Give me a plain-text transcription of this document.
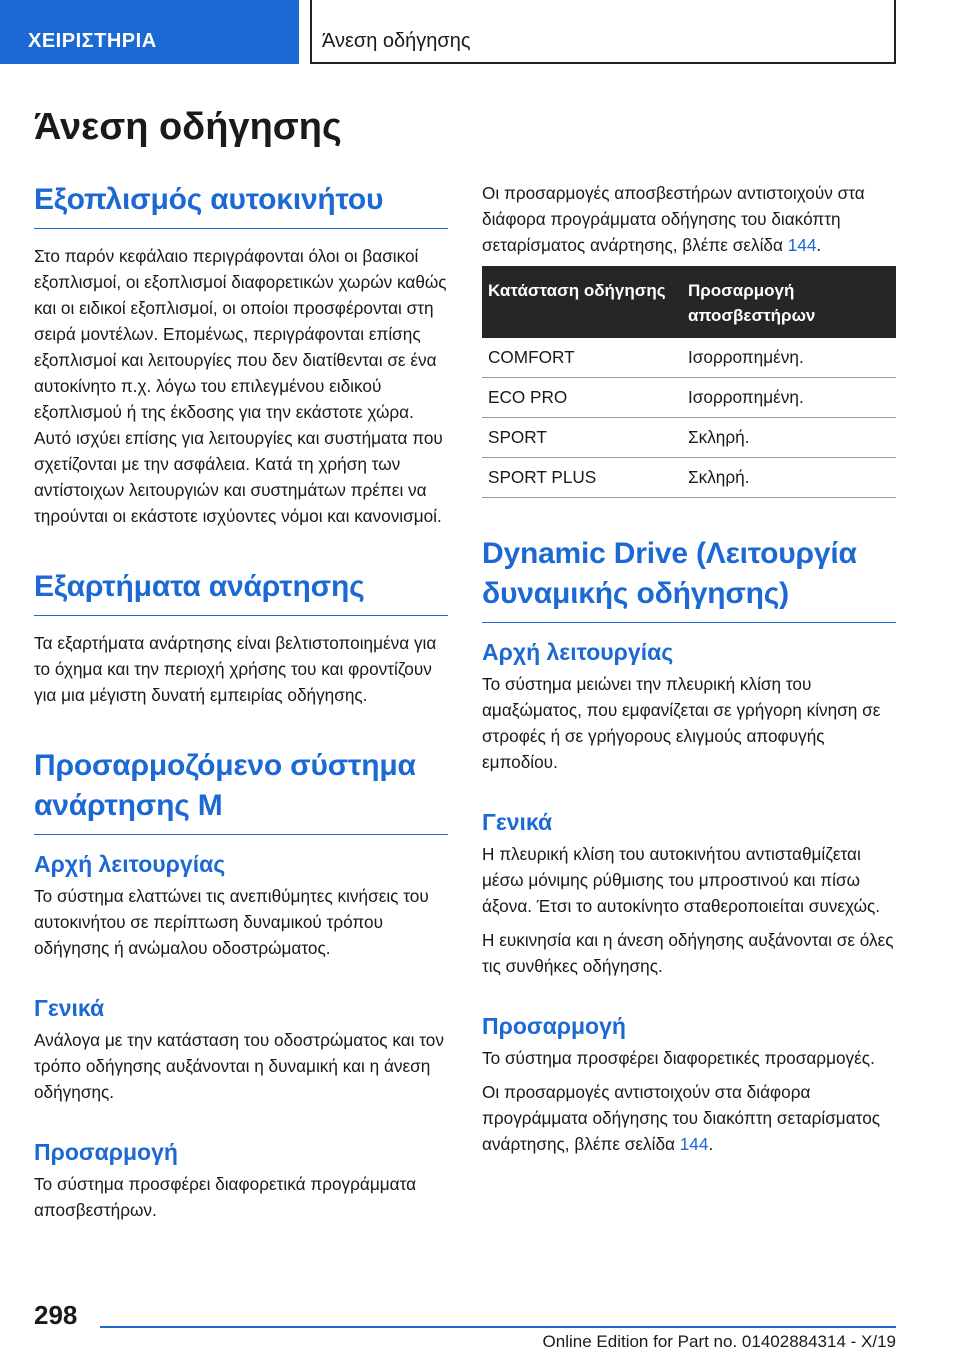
ΧΕΙΡΙΣΤΗΡΙΑ	Άνεση οδήγησης
Άνεση οδήγησης
Εξοπλισμός αυτοκινήτου

Στο παρόν κεφάλαιο περιγράφονται όλοι οι βασικοί εξοπλισμοί, οι εξοπλισμοί διαφορετικών χωρών καθώς και οι ειδικοί εξοπλισμοί, οι οποίοι προσφέρονται στη σειρά μοντέλων. Επομένως, περιγράφονται επίσης εξοπλισμοί και λειτουργίες που δεν διατίθενται σε ένα αυτοκίνητο π.χ. λόγω του επιλεγμένου ειδικού εξοπλισμού ή της έκδοσης για την εκάστοτε χώρα. Αυτό ισχύει επίσης για λειτουργίες και συστήματα που σχετίζονται με την ασφάλεια. Κατά τη χρήση των αντίστοιχων λειτουργιών και συστημάτων πρέπει να τηρούνται οι εκάστοτε ισχύοντες νόμοι και κανονισμοί.

Εξαρτήματα ανάρτησης

Τα εξαρτήματα ανάρτησης είναι βελτιστοποιημένα για το όχημα και την περιοχή χρήσης του και φροντίζουν για μια μέγιστη δυνατή εμπειρίας οδήγησης.

Προσαρμοζόμενο σύστημα ανάρτησης M
Αρχή λειτουργίας

Το σύστημα ελαττώνει τις ανεπιθύμητες κινήσεις του αυτοκινήτου σε περίπτωση δυναμικού τρόπου οδήγησης ή ανώμαλου οδοστρώματος.

Γενικά

Ανάλογα με την κατάσταση του οδοστρώματος και τον τρόπο οδήγησης αυξάνονται η δυναμική και η άνεση οδήγησης.

Προσαρμογή

Το σύστημα προσφέρει διαφορετικά προγράμματα αποσβεστήρων.

Οι προσαρμογές αποσβεστήρων αντιστοιχούν στα διάφορα προγράμματα οδήγησης του διακόπτη σεταρίσματος ανάρτησης, βλέπε σελίδα 144.

Κατάσταση οδήγησης	Προσαρμογή αποσβεστήρων
COMFORT	Ισορροπημένη.
ECO PRO	Ισορροπημένη.
SPORT	Σκληρή.
SPORT PLUS	Σκληρή.
Dynamic Drive (Λειτουργία δυναμικής οδήγησης)
Αρχή λειτουργίας

Το σύστημα μειώνει την πλευρική κλίση του αμαξώματος, που εμφανίζεται σε γρήγορη κίνηση σε στροφές ή σε γρήγορους ελιγμούς αποφυγής εμποδίου.

Γενικά

Η πλευρική κλίση του αυτοκινήτου αντισταθμίζεται μέσω μόνιμης ρύθμισης του μπροστινού και πίσω άξονα. Έτσι το αυτοκίνητο σταθεροποιείται συνεχώς.

Η ευκινησία και η άνεση οδήγησης αυξάνονται σε όλες τις συνθήκες οδήγησης.

Προσαρμογή

Το σύστημα προσφέρει διαφορετικές προσαρμογές.

Οι προσαρμογές αντιστοιχούν στα διάφορα προγράμματα οδήγησης του διακόπτη σεταρίσματος ανάρτησης, βλέπε σελίδα 144.

298
Online Edition for Part no. 01402884314 - X/19
